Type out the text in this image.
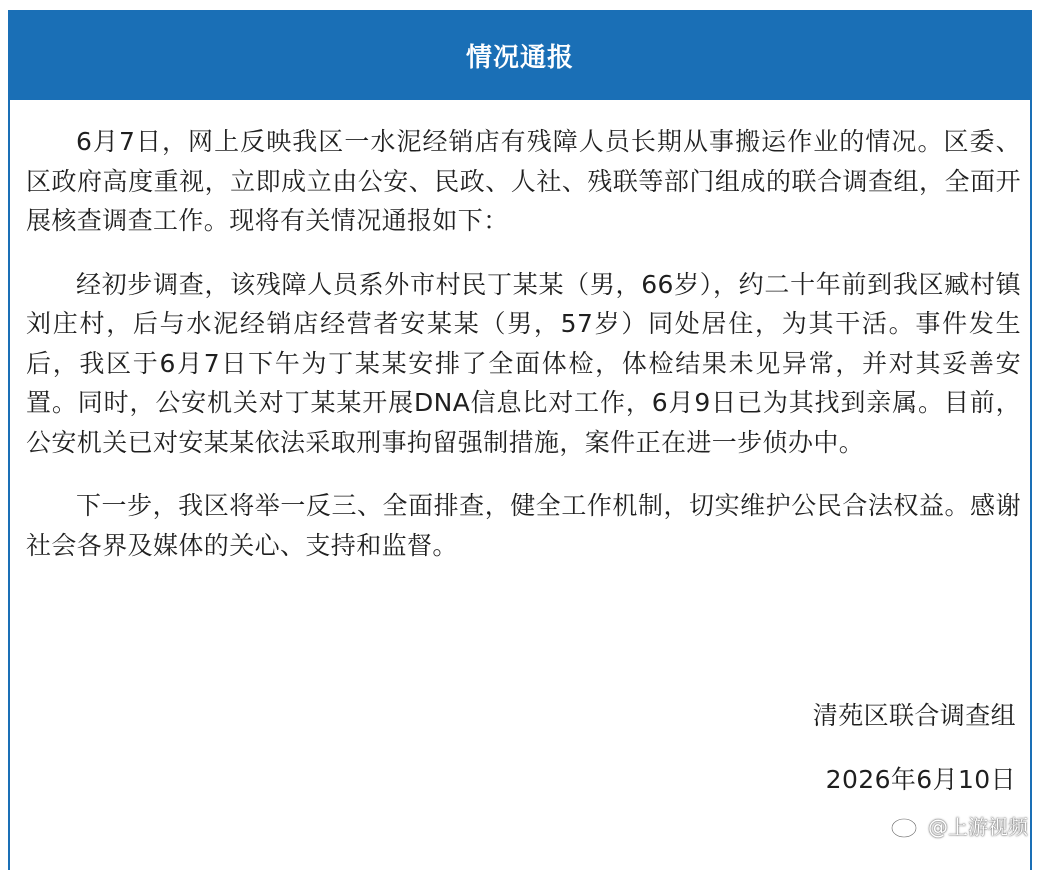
情况通报

6月7日，网上反映我区一水泥经销店有残障人员长期从事搬运作业的情况。区委、区政府高度重视，立即成立由公安、民政、人社、残联等部门组成的联合调查组，全面开展核查调查工作。现将有关情况通报如下：

经初步调查，该残障人员系外市村民丁某某（男，66岁），约二十年前到我区臧村镇刘庄村，后与水泥经销店经营者安某某（男，57岁）同处居住，为其干活。事件发生后，我区于6月7日下午为丁某某安排了全面体检，体检结果未见异常，并对其妥善安置。同时，公安机关对丁某某开展DNA信息比对工作，6月9日已为其找到亲属。目前，公安机关已对安某某依法采取刑事拘留强制措施，案件正在进一步侦办中。

下一步，我区将举一反三、全面排查，健全工作机制，切实维护公民合法权益。感谢社会各界及媒体的关心、支持和监督。

清苑区联合调查组
2026年6月10日
@上游视频
